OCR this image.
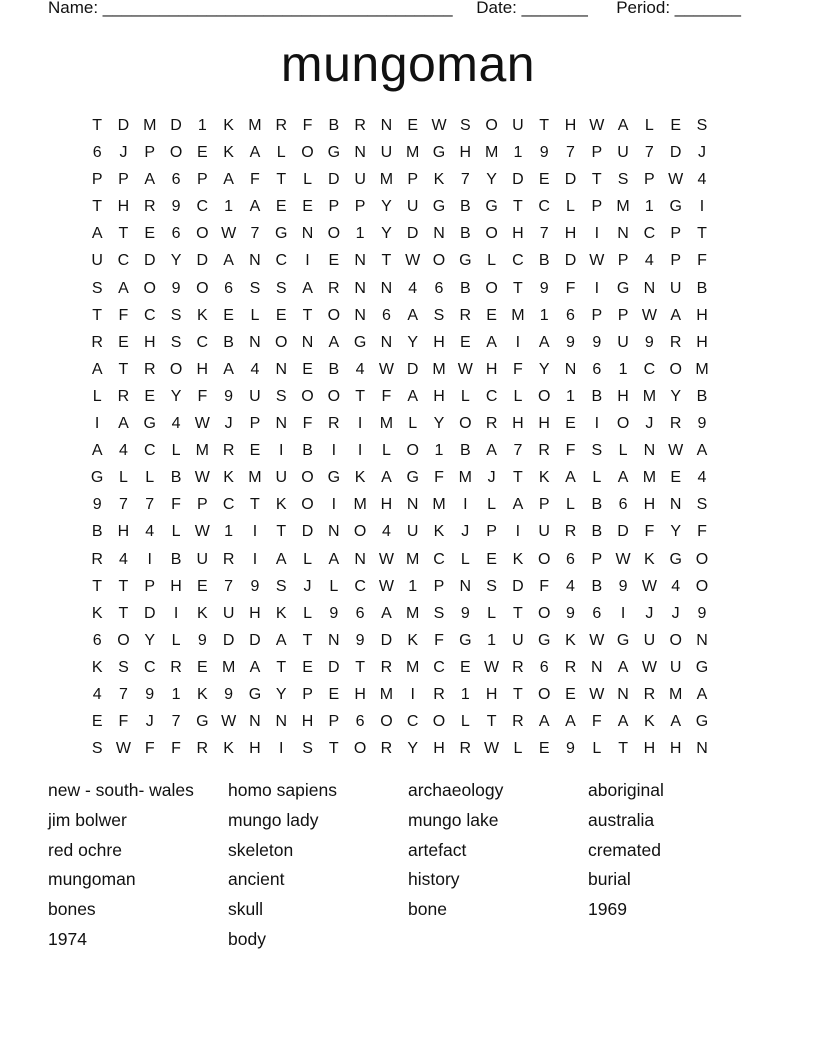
Name: _____________________________________ Date: _______ Period: _______
mungoman
T D M D	1	K M R F	B R N E W S O U T H W A	L	E S
6	J	P O E K A	L O G N U M G H M 1	9	7	P U	7	D	J
P P A	6	P A	F	T	L	D U M P K	7	Y D E D T	S P W 4
T H R	9	C	1	A E E P P Y U G B G T C	L	P M 1 G	I
A	T	E	6 O W 7 G N O 1	Y D N B O H	7	H	I	N C P	T
U C D Y D A N C	I	E N T W O G L	C B D W P	4	P	F
S A O 9 O 6	S S A R N N	4	6	B O T	9	F	I	G N U B
T	F C S K E	L	E	T O N	6	A S R E M 1	6	P P W A H
R E H S C B N O N A G N Y H E A	I	A	9	9	U	9	R H
A	T R O H A	4	N E B	4 W D M W H F	Y N	6	1	C O M
L	R E Y	F	9	U S O O T	F	A H	L	C	L O 1	B H M Y B
I	A G 4 W J	P N F R	I	M L	Y O R H H E	I	O	J	R	9
A	4	C	L M R E	I	B	I	I	L O 1	B A	7	R F	S	L	N W A
G L	L	B W K M U O G K A G F M J	T	K A	L	A M E	4
9	7	7	F	P C T	K O	I	M H N M	I	L	A P	L	B	6	H N S
B H	4	L W 1	I	T D N O 4	U K	J	P	I	U R B D F	Y	F
R	4	I	B U R	I	A	L	A N W M C	L	E K O 6	P W K G O
T	T	P H E	7	9	S	J	L	C W 1	P N S D F	4	B	9 W 4 O
K	T D	I	K U H K	L	9	6	A M S	9	L	T O 9	6	I	J	J	9
6 O Y	L	9	D D A	T N	9	D K	F G 1	U G K W G U O N
K S C R E M A	T	E D T R M C E W R	6	R N A W U G
4	7	9	1	K	9 G Y P E H M	I	R	1	H T O E W N R M A
E	F	J	7 G W N N H P	6 O C O L	T R A A	F	A K A G
S W F	F R K H	I	S	T O R Y H R W L	E	9	L	T H H N
new - south- wales	homo sapiens	archaeology	aboriginal
jim bolwer	mungo lady	mungo lake	australia
red ochre	skeleton	artefact	cremated
mungoman	ancient	history	burial
bones	skull	bone	1969
1974	body
